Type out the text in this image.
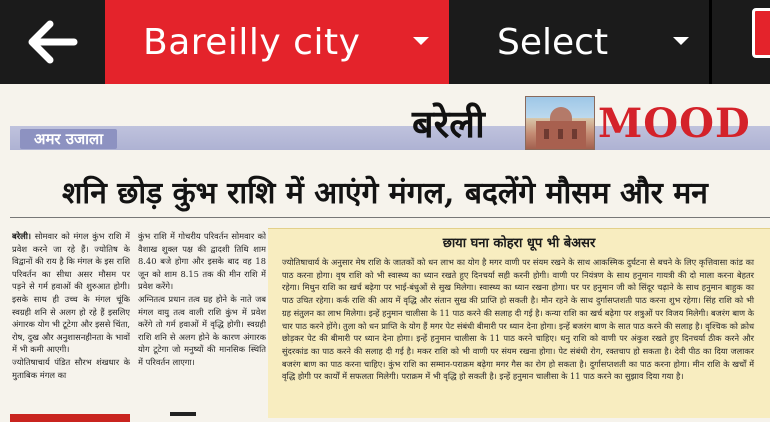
Bareilly city	Select
अमर उजाला	बरेली	MOOD
शनि छोड़ कुंभ राशि में आएंगे मंगल, बदलेंगे मौसम और मन
बरेली। सोमवार को मंगल कुंभ राशि में प्रवेश करने जा रहे हैं। ज्योतिष के विद्वानों की राय है कि मंगल के इस राशि परिवर्तन का सीधा असर मौसम पर पड़ने से गर्म हवाओं की शुरुआत होगी। इसके साथ ही उच्च के मंगल चूंकि स्वग्रही शनि से अलग हो रहे हैं इसलिए अंगारक योग भी टूटेगा और इससे चिंता, रोष, दुख और अनुशासनहीनता के भावों में भी कमी आएगी।
ज्योतिषाचार्य पंडित सौरभ शंखधार के मुताबिक मंगल का
कुंभ राशि में गोचरीय परिवर्तन सोमवार को वैशाख शुक्ल पक्ष की द्वादशी तिथि शाम 8.40 बजे होगा और इसके बाद वह 18 जून को शाम 8.15 तक की मीन राशि में प्रवेश करेंगे।
अग्नितत्व प्रधान तत्व ग्रह होने के नाते जब मंगल वायु तत्व वाली राशि कुंभ में प्रवेश करेंगे तो गर्म हवाओं में वृद्धि होगी। स्वग्रही राशि शनि से अलग होने के कारण अंगारक योग टूटेगा जो मनुष्यों की मानसिक स्थिति में परिवर्तन लाएगा।
छाया घना कोहरा धूप भी बेअसर
ज्योतिषाचार्य के अनुसार मेष राशि के जातकों को धन लाभ का योग है मगर वाणी पर संयम रखने के साथ आकस्मिक दुर्घटना से बचने के लिए कृत्तिवासा कांड का पाठ करना होगा। वृष राशि को भी स्वास्थ्य का ध्यान रखते हुए दिनचर्या सही करनी होगी। वाणी पर नियंत्रण के साथ हनुमान गायत्री की दो माला करना बेहतर रहेगा। मिथुन राशि का खर्च बढ़ेगा पर भाई-बंधुओं से सुख मिलेगा। स्वास्थ्य का ध्यान रखना होगा। घर पर हनुमान जी को सिंदूर चढ़ाने के साथ हनुमान बाहुक का पाठ उचित रहेगा। कर्क राशि की आय में वृद्धि और संतान सुख की प्राप्ति हो सकती है। मौन रहने के साथ दुर्गासप्तशती पाठ करना शुभ रहेगा। सिंह राशि को भी ग्रह संतुलन का लाभ मिलेगा। इन्हें हनुमान चालीसा के 11 पाठ करने की सलाह दी गई है। कन्या राशि का खर्च बढ़ेगा पर शत्रुओं पर विजय मिलेगी। बजरंग बाण के चार पाठ करने होंगे। तुला को धन प्राप्ति के योग हैं मगर पेट संबंधी बीमारी पर ध्यान देना होगा। इन्हें बजरंग बाण के सात पाठ करने की सलाह है। वृश्चिक को क्रोध छोड़कर पेट की बीमारी पर ध्यान देना होगा। इन्हें हनुमान चालीसा के 11 पाठ करने चाहिए। धनु राशि को वाणी पर अंकुश रखते हुए दिनचर्या ठीक करने और सुंदरकांड का पाठ करने की सलाह दी गई है। मकर राशि को भी वाणी पर संयम रखना होगा। पेट संबंधी रोग, रक्तचाप हो सकता है। देवी पीठ का दिया जलाकर बजरंग बाण का पाठ करना चाहिए। कुंभ राशि का सम्मान-पराक्रम बढ़ेगा मगर गैस का रोग हो सकता है। दुर्गासप्तशती का पाठ करना होगा। मीन राशि के खर्चों में वृद्धि होगी पर कार्यों में सफलता मिलेगी। पराक्रम में भी वृद्धि हो सकती है। इन्हें हनुमान चालीसा के 11 पाठ करने का सुझाव दिया गया है।
